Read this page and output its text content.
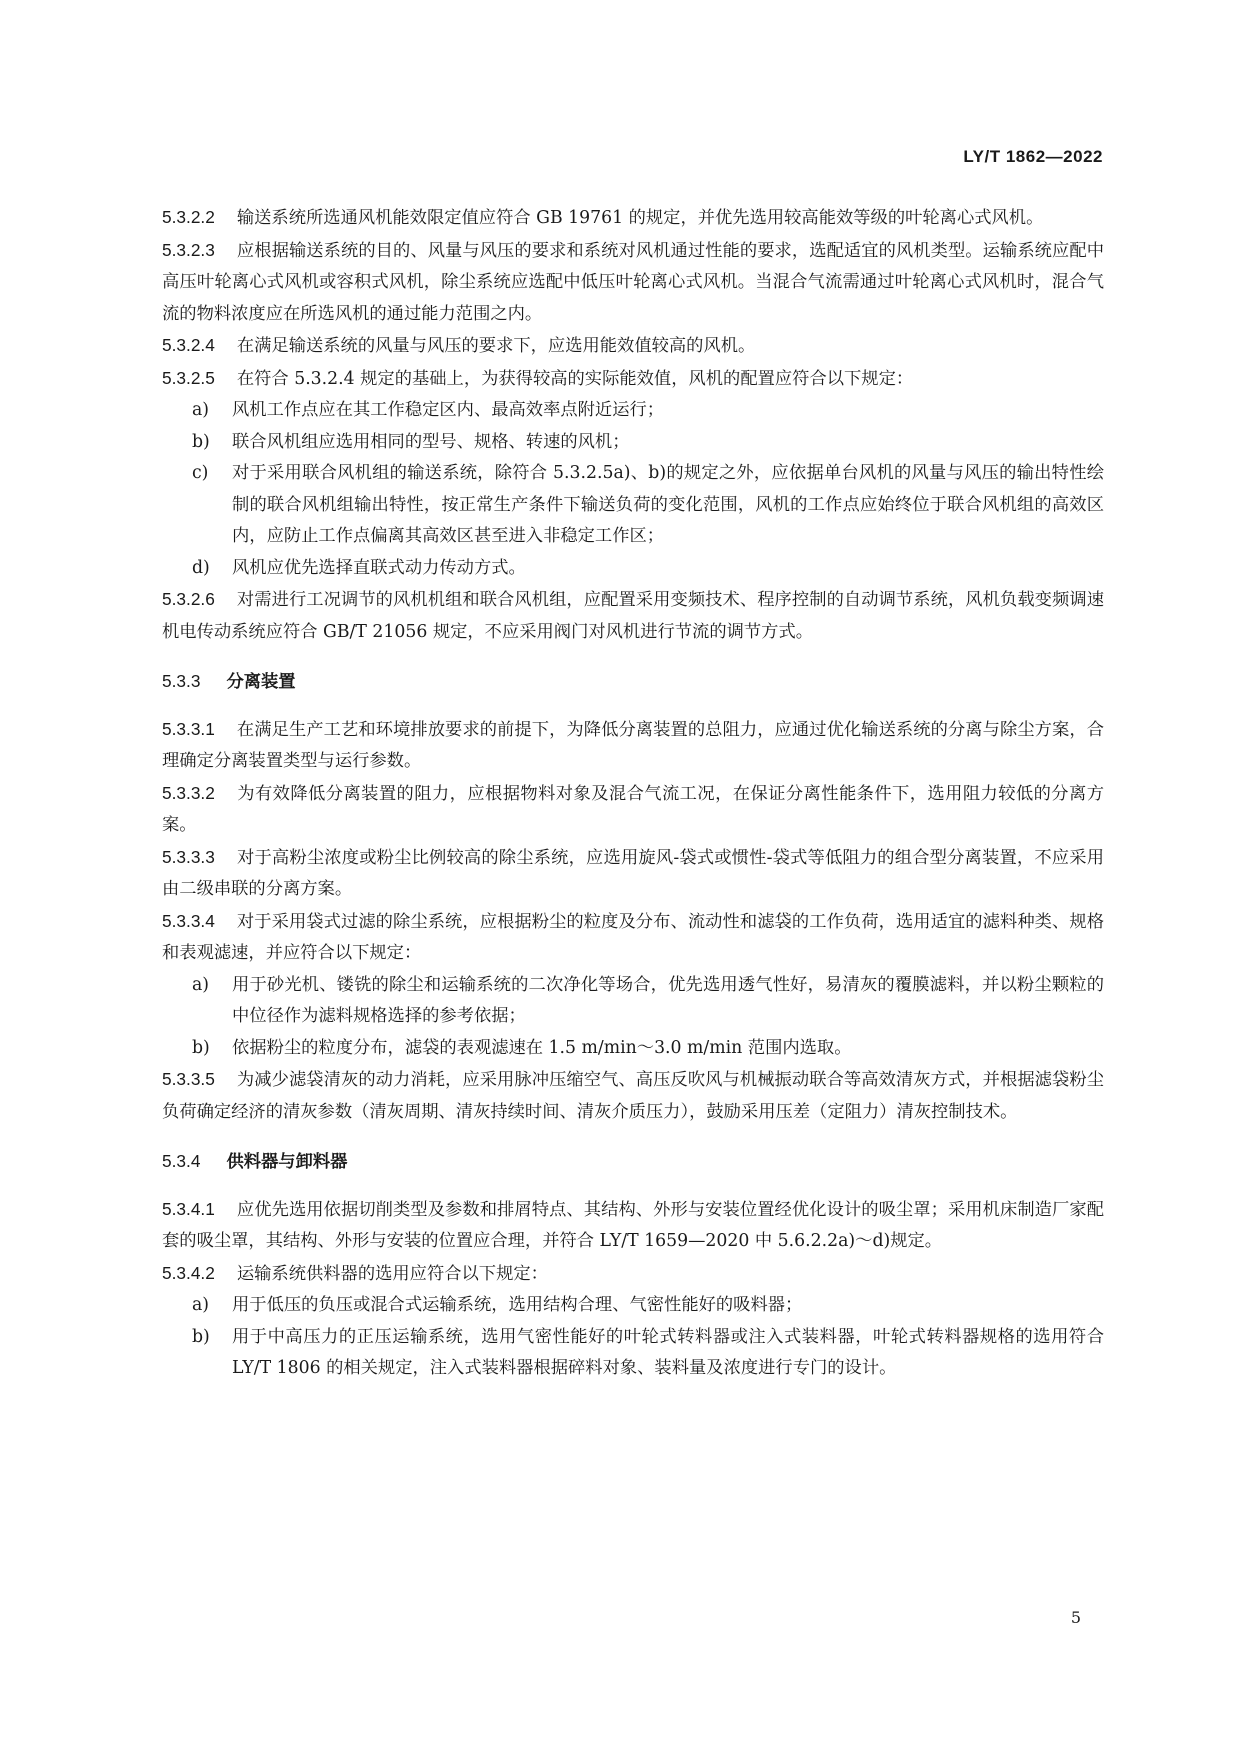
LY/T 1862—2022

5.3.2.2 输送系统所选通风机能效限定值应符合 GB 19761 的规定，并优先选用较高能效等级的叶轮离心式风机。

5.3.2.3 应根据输送系统的目的、风量与风压的要求和系统对风机通过性能的要求，选配适宜的风机类型。运输系统应配中高压叶轮离心式风机或容积式风机，除尘系统应选配中低压叶轮离心式风机。当混合气流需通过叶轮离心式风机时，混合气流的物料浓度应在所选风机的通过能力范围之内。

5.3.2.4 在满足输送系统的风量与风压的要求下，应选用能效值较高的风机。

5.3.2.5 在符合 5.3.2.4 规定的基础上，为获得较高的实际能效值，风机的配置应符合以下规定：

a) 风机工作点应在其工作稳定区内、最高效率点附近运行；

b) 联合风机组应选用相同的型号、规格、转速的风机；

c) 对于采用联合风机组的输送系统，除符合 5.3.2.5a)、b)的规定之外，应依据单台风机的风量与风压的输出特性绘制的联合风机组输出特性，按正常生产条件下输送负荷的变化范围，风机的工作点应始终位于联合风机组的高效区内，应防止工作点偏离其高效区甚至进入非稳定工作区；

d) 风机应优先选择直联式动力传动方式。

5.3.2.6 对需进行工况调节的风机机组和联合风机组，应配置采用变频技术、程序控制的自动调节系统，风机负载变频调速机电传动系统应符合 GB/T 21056 规定，不应采用阀门对风机进行节流的调节方式。

5.3.3 分离装置

5.3.3.1 在满足生产工艺和环境排放要求的前提下，为降低分离装置的总阻力，应通过优化输送系统的分离与除尘方案，合理确定分离装置类型与运行参数。

5.3.3.2 为有效降低分离装置的阻力，应根据物料对象及混合气流工况，在保证分离性能条件下，选用阻力较低的分离方案。

5.3.3.3 对于高粉尘浓度或粉尘比例较高的除尘系统，应选用旋风-袋式或惯性-袋式等低阻力的组合型分离装置，不应采用由二级串联的分离方案。

5.3.3.4 对于采用袋式过滤的除尘系统，应根据粉尘的粒度及分布、流动性和滤袋的工作负荷，选用适宜的滤料种类、规格和表观滤速，并应符合以下规定：

a) 用于砂光机、镂铣的除尘和运输系统的二次净化等场合，优先选用透气性好，易清灰的覆膜滤料，并以粉尘颗粒的中位径作为滤料规格选择的参考依据；

b) 依据粉尘的粒度分布，滤袋的表观滤速在 1.5 m/min～3.0 m/min 范围内选取。

5.3.3.5 为减少滤袋清灰的动力消耗，应采用脉冲压缩空气、高压反吹风与机械振动联合等高效清灰方式，并根据滤袋粉尘负荷确定经济的清灰参数（清灰周期、清灰持续时间、清灰介质压力），鼓励采用压差（定阻力）清灰控制技术。

5.3.4 供料器与卸料器

5.3.4.1 应优先选用依据切削类型及参数和排屑特点、其结构、外形与安装位置经优化设计的吸尘罩；采用机床制造厂家配套的吸尘罩，其结构、外形与安装的位置应合理，并符合 LY/T 1659—2020 中 5.6.2.2a)～d)规定。

5.3.4.2 运输系统供料器的选用应符合以下规定：

a) 用于低压的负压或混合式运输系统，选用结构合理、气密性能好的吸料器；

b) 用于中高压力的正压运输系统，选用气密性能好的叶轮式转料器或注入式装料器，叶轮式转料器规格的选用符合 LY/T 1806 的相关规定，注入式装料器根据碎料对象、装料量及浓度进行专门的设计。

5
